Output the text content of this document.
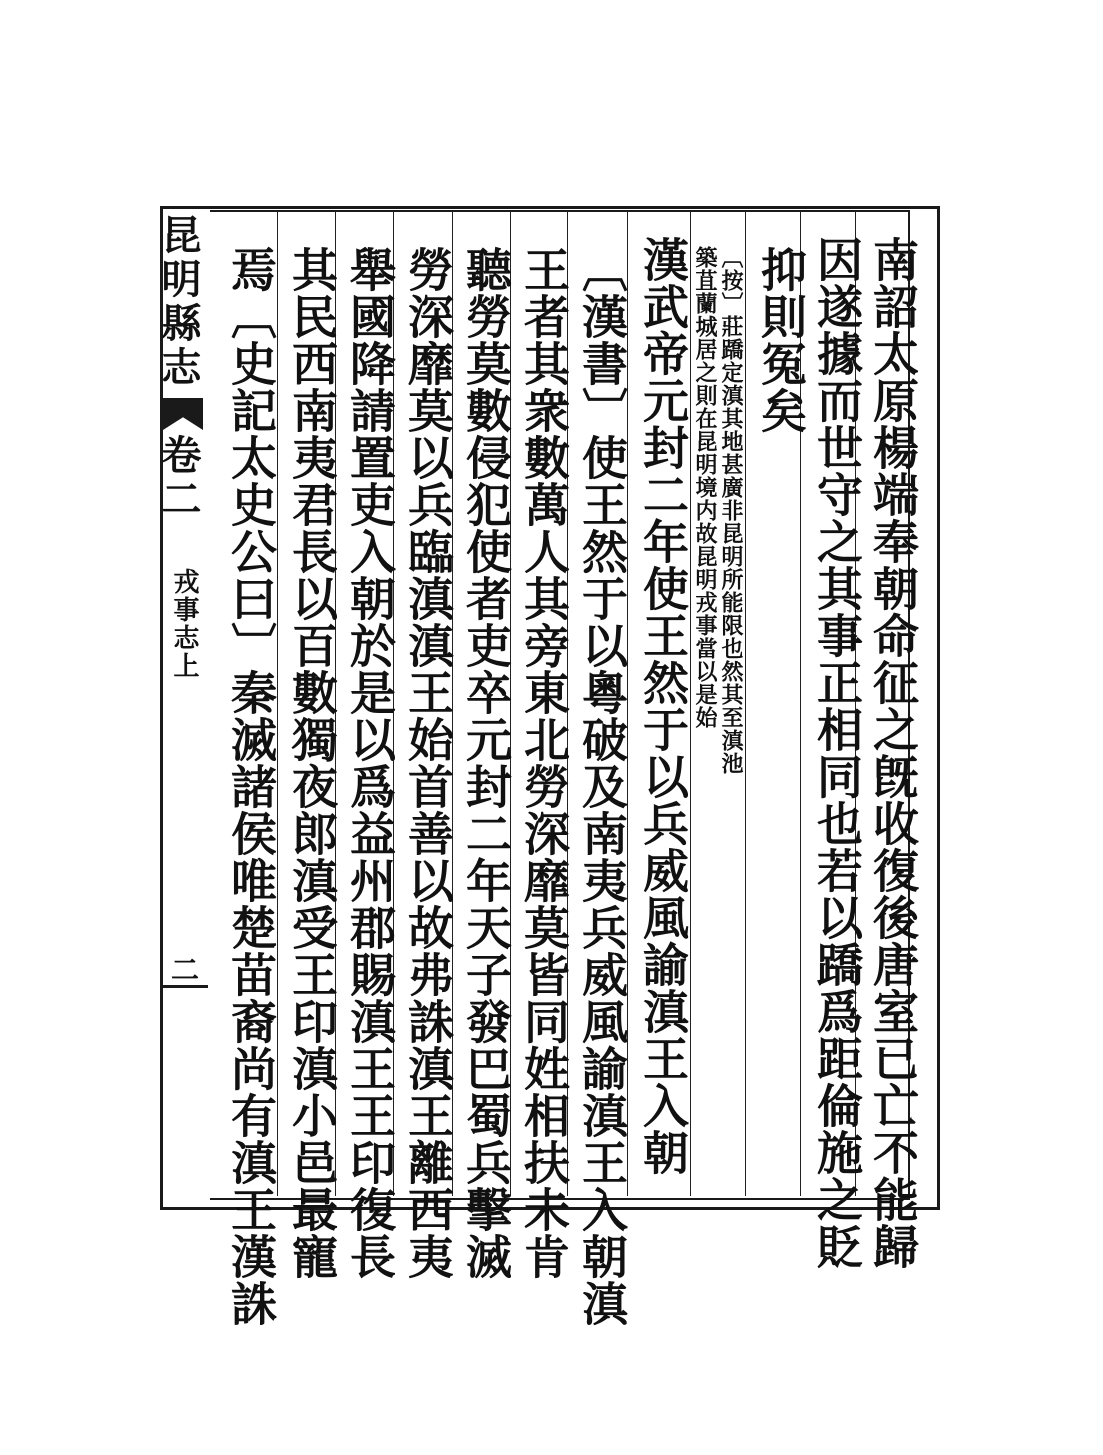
昆明縣志
卷二
戎事志上
二	南詔太原楊端奉朝命征之旣收復後唐室已亡不能歸
因遂據而世守之其事正相同也若以蹻爲距倫施之貶
抑則冤矣
〔按〕莊蹻定滇其地甚廣非昆明所能限也然其至滇池
築苴蘭城居之則在昆明境内故昆明戎事當以是始
漢武帝元封二年使王然于以兵威風諭滇王入朝
〔漢書〕使王然于以粵破及南夷兵威風諭滇王入朝滇
王者其衆數萬人其旁東北勞深靡莫皆同姓相扶未肯
聽勞莫數侵犯使者吏卒元封二年天子發巴蜀兵擊滅
勞深靡莫以兵臨滇滇王始首善以故弗誅滇王離西夷
舉國降請置吏入朝於是以爲益州郡賜滇王王印復長
其民西南夷君長以百數獨夜郎滇受王印滇小邑最寵
焉〔史記太史公曰〕秦滅諸侯唯楚苗裔尚有滇王漢誅
